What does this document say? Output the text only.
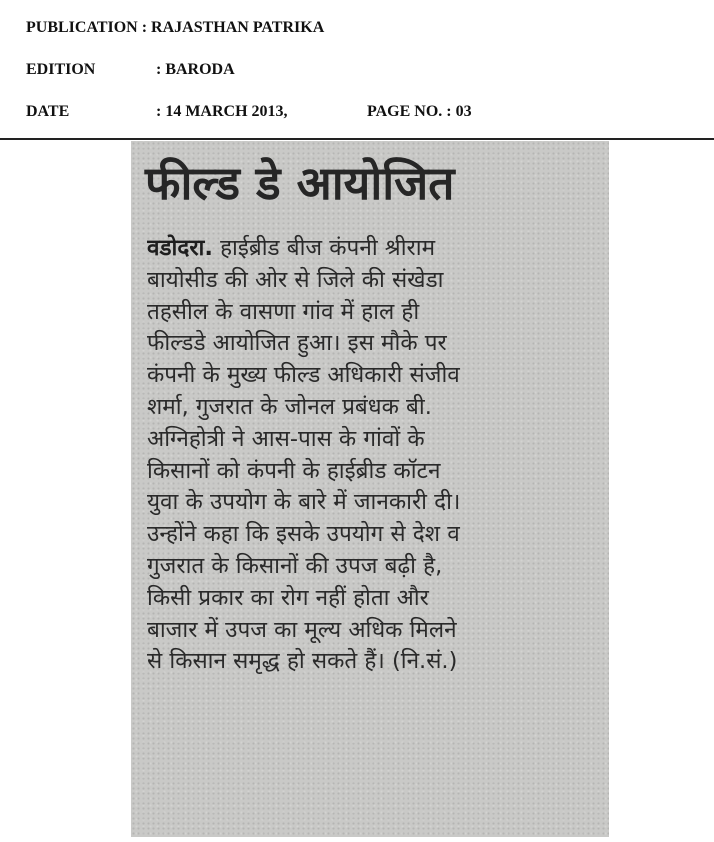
PUBLICATION : RAJASTHAN PATRIKA
EDITION	: BARODA
DATE	: 14 MARCH 2013,	PAGE NO. : 03
फील्ड डे आयोजित
वडोदरा. हाईब्रीड बीज कंपनी श्रीराम
बायोसीड की ओर से जिले की संखेडा
तहसील के वासणा गांव में हाल ही
फील्डडे आयोजित हुआ। इस मौके पर
कंपनी के मुख्य फील्ड अधिकारी संजीव
शर्मा, गुजरात के जोनल प्रबंधक बी.
अग्निहोत्री ने आस-पास के गांवों के
किसानों को कंपनी के हाईब्रीड कॉटन
युवा के उपयोग के बारे में जानकारी दी।
उन्होंने कहा कि इसके उपयोग से देश व
गुजरात के किसानों की उपज बढ़ी है,
किसी प्रकार का रोग नहीं होता और
बाजार में उपज का मूल्य अधिक मिलने
से किसान समृद्ध हो सकते हैं। (नि.सं.)
